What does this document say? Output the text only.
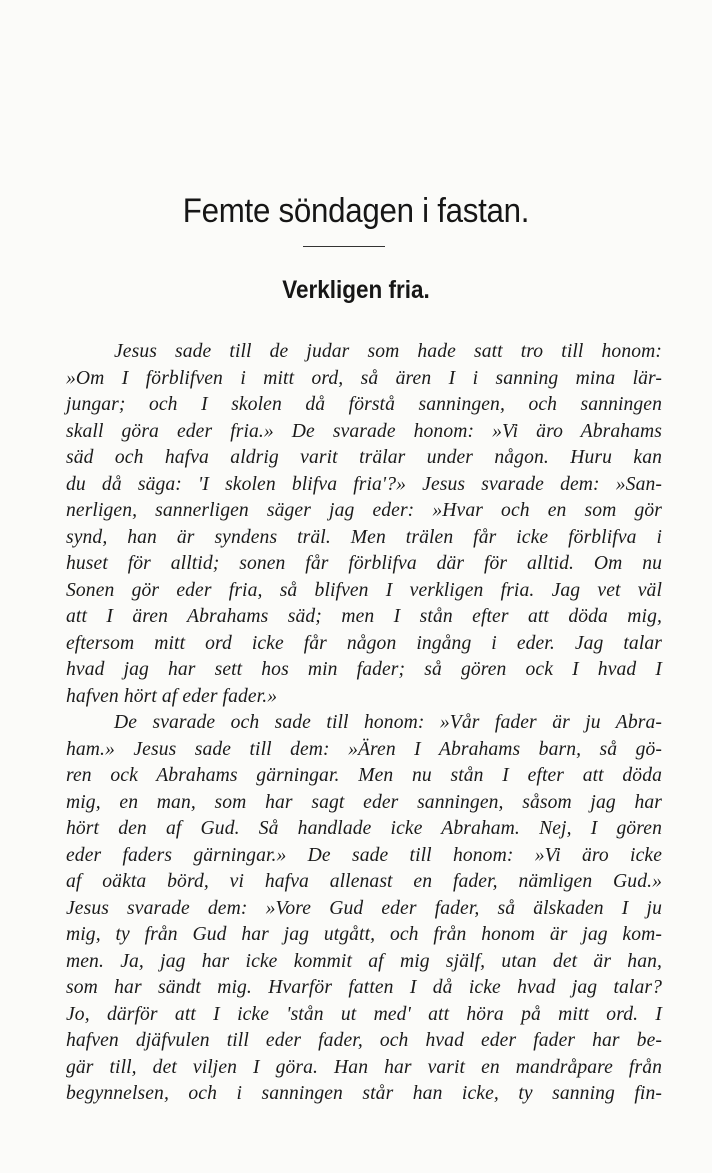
Femte söndagen i fastan.
Verkligen fria.
Jesus sade till de judar som hade satt tro till honom:
»Om I förblifven i mitt ord, så ären I i sanning mina lär-
jungar; och I skolen då förstå sanningen, och sanningen
skall göra eder fria.» De svarade honom: »Vi äro Abrahams
säd och hafva aldrig varit trälar under någon. Huru kan
du då säga: 'I skolen blifva fria'?» Jesus svarade dem: »San-
nerligen, sannerligen säger jag eder: »Hvar och en som gör
synd, han är syndens träl. Men trälen får icke förblifva i
huset för alltid; sonen får förblifva där för alltid. Om nu
Sonen gör eder fria, så blifven I verkligen fria. Jag vet väl
att I ären Abrahams säd; men I stån efter att döda mig,
eftersom mitt ord icke får någon ingång i eder. Jag talar
hvad jag har sett hos min fader; så gören ock I hvad I
hafven hört af eder fader.»
De svarade och sade till honom: »Vår fader är ju Abra-
ham.» Jesus sade till dem: »Ären I Abrahams barn, så gö-
ren ock Abrahams gärningar. Men nu stån I efter att döda
mig, en man, som har sagt eder sanningen, såsom jag har
hört den af Gud. Så handlade icke Abraham. Nej, I gören
eder faders gärningar.» De sade till honom: »Vi äro icke
af oäkta börd, vi hafva allenast en fader, nämligen Gud.»
Jesus svarade dem: »Vore Gud eder fader, så älskaden I ju
mig, ty från Gud har jag utgått, och från honom är jag kom-
men. Ja, jag har icke kommit af mig själf, utan det är han,
som har sändt mig. Hvarför fatten I då icke hvad jag talar?
Jo, därför att I icke 'stån ut med' att höra på mitt ord. I
hafven djäfvulen till eder fader, och hvad eder fader har be-
gär till, det viljen I göra. Han har varit en mandråpare från
begynnelsen, och i sanningen står han icke, ty sanning fin-
